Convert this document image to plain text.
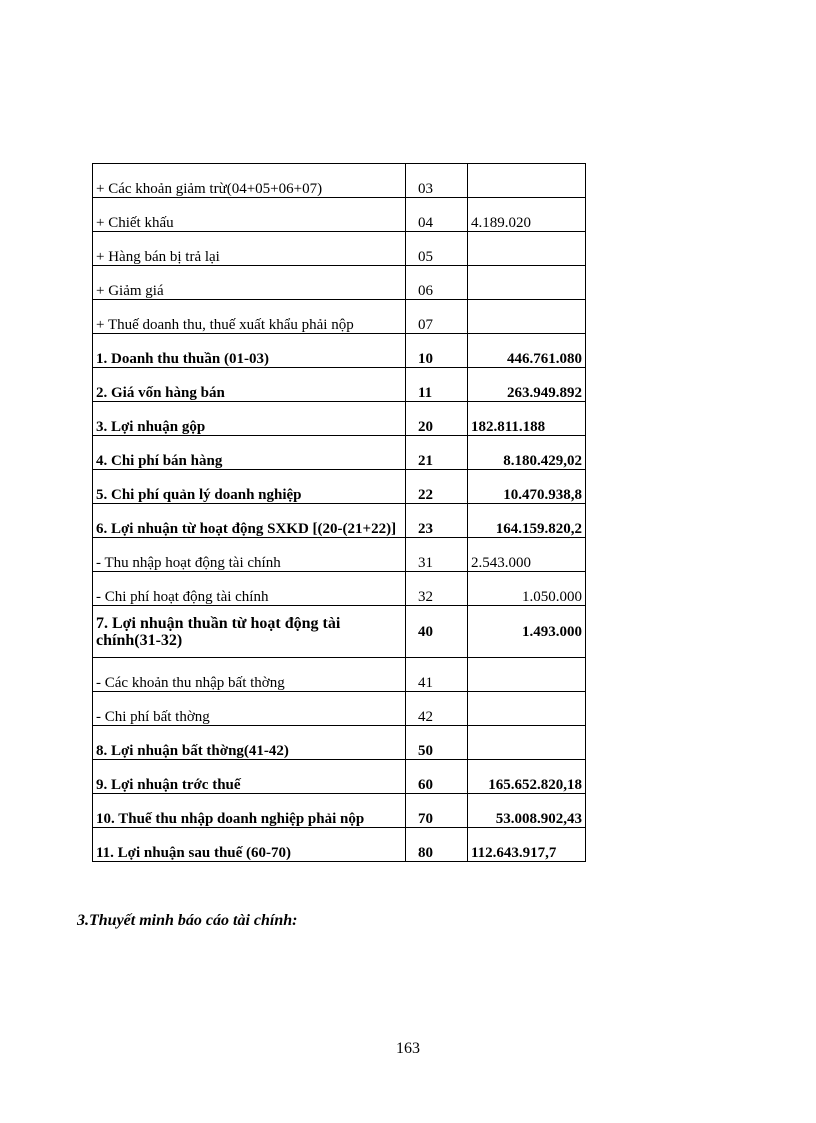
+ Các khoản giảm trừ(04+05+06+07)	03	
+ Chiết khấu	04	4.189.020
+ Hàng bán bị trả lại	05	
+ Giảm giá	06	
+ Thuế doanh thu, thuế xuất khẩu phải nộp	07	
1. Doanh thu thuần (01-03)	10	446.761.080
2. Giá vốn hàng bán	11	263.949.892
3. Lợi nhuận gộp	20	182.811.188
4. Chi phí bán hàng	21	8.180.429,02
5. Chi phí quản lý doanh nghiệp	22	10.470.938,8
6. Lợi nhuận từ hoạt động SXKD [(20-(21+22)]	23	164.159.820,2
- Thu nhập hoạt động tài chính	31	2.543.000
- Chi phí hoạt động tài chính	32	1.050.000
7. Lợi nhuận thuần từ hoạt động tài chính(31-32)	40	1.493.000
- Các khoản thu nhập bất thờng	41	
- Chi phí bất thờng	42	
8. Lợi nhuận bất thờng(41-42)	50	
9. Lợi nhuận trớc thuế	60	165.652.820,18
10. Thuế thu nhập doanh nghiệp phải nộp	70	53.008.902,43
11. Lợi nhuận sau thuế (60-70)	80	112.643.917,7

3.Thuyết minh báo cáo tài chính:

163
